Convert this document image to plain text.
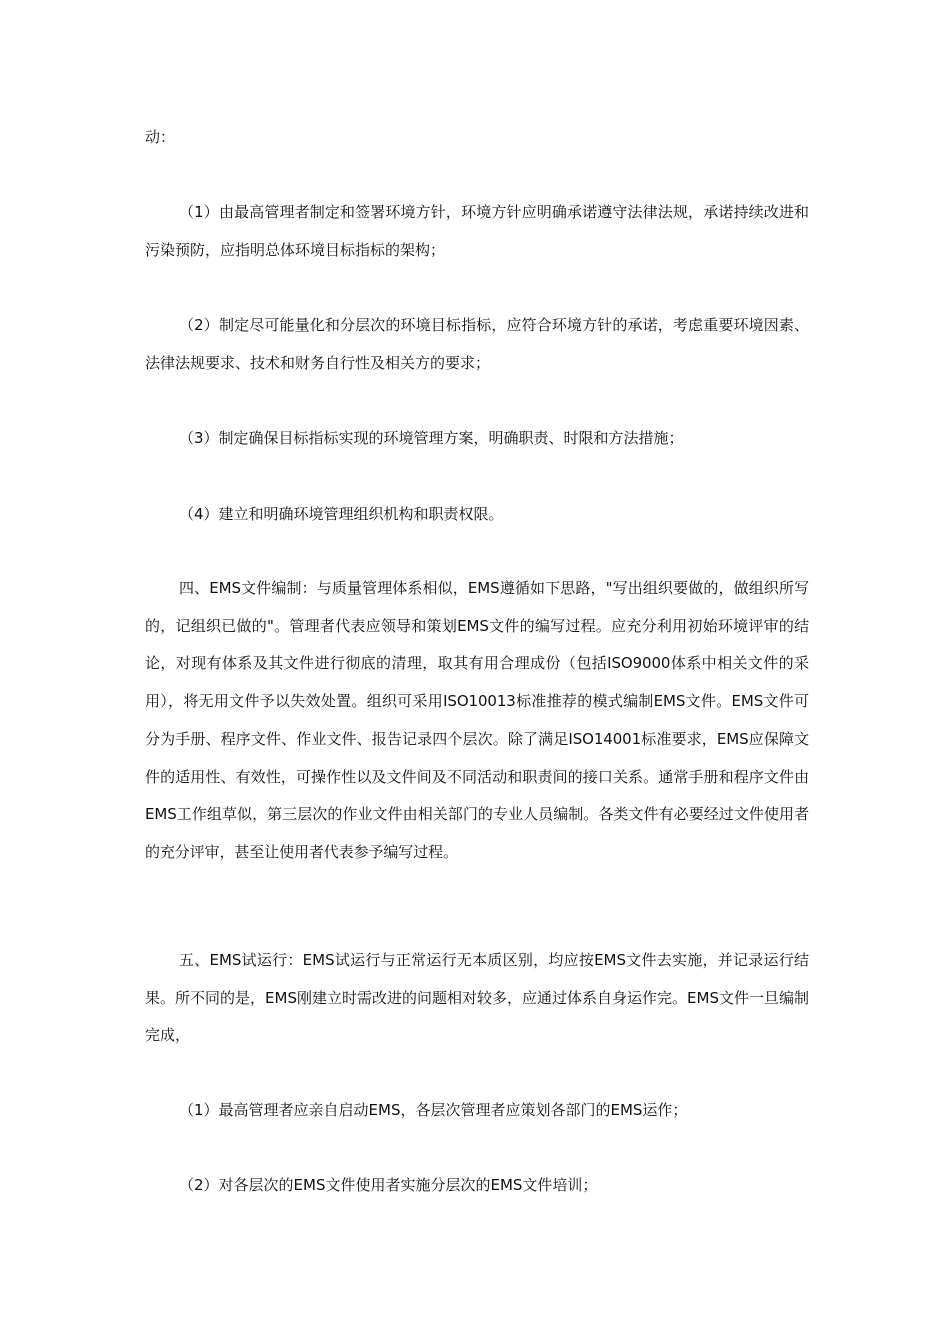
动：

（1）由最高管理者制定和签署环境方针，环境方针应明确承诺遵守法律法规，承诺持续改进和污染预防，应指明总体环境目标指标的架构；

（2）制定尽可能量化和分层次的环境目标指标，应符合环境方针的承诺，考虑重要环境因素、法律法规要求、技术和财务自行性及相关方的要求；

（3）制定确保目标指标实现的环境管理方案，明确职责、时限和方法措施；

（4）建立和明确环境管理组织机构和职责权限。

四、EMS文件编制：与质量管理体系相似，EMS遵循如下思路，"写出组织要做的，做组织所写的，记组织已做的"。管理者代表应领导和策划EMS文件的编写过程。应充分利用初始环境评审的结论，对现有体系及其文件进行彻底的清理，取其有用合理成份（包括ISO9000体系中相关文件的采用），将无用文件予以失效处置。组织可采用ISO10013标准推荐的模式编制EMS文件。EMS文件可分为手册、程序文件、作业文件、报告记录四个层次。除了满足ISO14001标准要求，EMS应保障文件的适用性、有效性，可操作性以及文件间及不同活动和职责间的接口关系。通常手册和程序文件由EMS工作组草似，第三层次的作业文件由相关部门的专业人员编制。各类文件有必要经过文件使用者的充分评审，甚至让使用者代表参予编写过程。

五、EMS试运行：EMS试运行与正常运行无本质区别，均应按EMS文件去实施，并记录运行结果。所不同的是，EMS刚建立时需改进的问题相对较多，应通过体系自身运作完。EMS文件一旦编制完成，

（1）最高管理者应亲自启动EMS，各层次管理者应策划各部门的EMS运作；

（2）对各层次的EMS文件使用者实施分层次的EMS文件培训；
